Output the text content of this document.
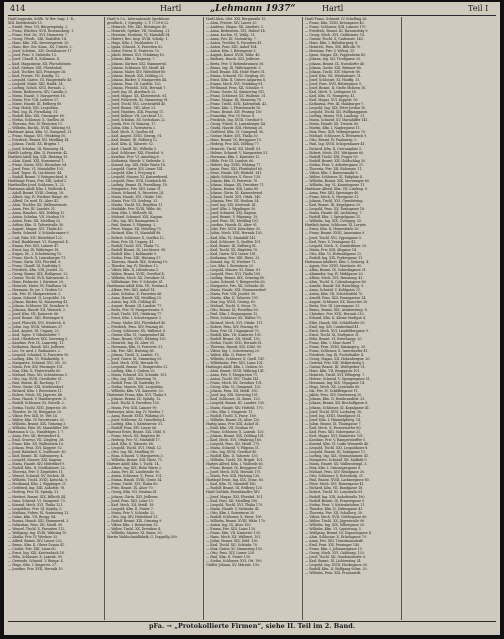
414	Hartl	„Lehmann 1937“	Hartl	Teil I
Hartl Augustin, Schlb. W. Ber. Insp. 1. R.,
XIII. Bielekstraße 15.
— Ewald, Pens. VII, Bürgerspitalg. 2.
— Franz, Wächter, XVII, Rosenackerg. 1.
— Franz, Prof. Dr., XVI, Hasnerstr. 7.
— Georg, Pferdt., XIII, Rudolfsh. 14.
— Hans, Kfm. XIX, Sieveringerstr. 30.
— Hans, Bez. Ger. Kanz., XX, Unterb. 2.
— Josef, Schuhm., XIV, Sechshauser 17.
— Josef, Pens. V, Siebenbr. 13.
— Josef, Chauff. II, Kollmann. 4.
— Karl, Magazineur, XII, Flurschützstr.
— Karl, Gärtner, XXI, Floridsdorf.
— Karl, Tischler, XIII, Penzinger 28.
— Karl, Private, VII, Kandlg. 12.
— Leopold, Gastw., III, Hauptstraße 45.
— Leopold, Maler, XIII, Hadik. 14.
— Ludwig, Schuh. XVII, Hernals. 2.
— Maria, Bedienerin, XIV, Camillo 3.
— Maria, Hausb. V, Margareten 16.
— Maria, Priv. VIII, Lederer 27.
— Marie, Hausfr. III, Erdberg 60.
— Max, Holzh. XXI, Leopoldau.
— Paul, Ing. IX, Porzellang. 31.
— Rudolf, Kfm. XIX, Grinzinger 60.
— Stefan, Schlosser, X, Quellen 38.
— Theresia, Priv. IV, Favoriten 11.
— Wilhelm, Buchh., XVIII, Währing 93.
Hartlauer Anna, Kfm. VI, Gumpend. 31.
— Franz, Magaz. XVI, Ottakring 50.
— Friedrich, Beamt. XII, Meidling 14.
— Johann, Tischl. XX, Brigitta 7.
— Josef, Schuhm. III, Rennweg 14.
Hartlb Ludwig, Kfm. II, Praterstr. 42.
Hartlieb Adolf, Ing. XIII, Hietzing 19.
— Alois, Kanzl. XXI, Stammersd. 1.
— Franz, Gastw. XVII, Hernalser 54.
— Josef, Pens. VI, Mariahilfer 103.
— Karl, Tapez. IX, Liechtenst. 44.
— Rudolf, Beamt. V, Reinprechtsd. 8.
Hartlmayr Franz, Priv. XIII, Auhof 2.
Hartlmüller Josef, Schlosser, X, 22.
Hartmann Adolf, Kfm. I, Wollzeile 4.
— Adolf, Beamt. XVIII, Gentzg. 28.
— Albert, Ing. IV, Wiedner Haupt. 60.
— Alfred, Dr. med. IX, Alser 41.
— Alois, Tischler, XX, Wallensteinstr.
— Anna, Priv. III, Landstr. 31.
— Anna, Hausbes. XIX, Döbling 12.
— Anton, Schuhm. VII, Neubau 19.
— Anton, Pens. XII, Meidling 33.
— Arthur, Kfm. II, Taborstraße 38.
— August, Magaz. XVI, Thalia 40.
— Berta, Schneid. V, Schönbrunner 9.
— Carl, Fabr. XIV, Hütteldorf 122.
— Emil, Bankbeamt. VI, Gumpend. 4.
— Emma, Priv. XIII, Lainzer 47.
— Ernst, Ing. IX, Währinger 18.
— Eugen, Dr., I, Schottenring 10.
— Franz, Mech. X, Laxenburger 71.
— Franz, Gärtn. XXI, Floridsd. 8.
— Franz, Chauff. III, Radetzky 5.
— Friedrich, Kfm. VIII, Josefst. 12.
— Georg, Beamt. XIX, Heiligenst. 22.
— Gustav, Tischl. XVII, Kalvarienb. 3.
— Hans, Prokurist, I, Kärntner 29.
— Heinrich, Maler, XV, Fünfhaus 14.
— Hermann, Dr. jur. I, Graben 13.
— Ida, Priv. IV, Margaretenstr. 3.
— Ignaz, Schneid. II, Leopoldst. 18.
— Johann, Bäcker, XI, Simmering 41.
— Johann, Schlosser, XX, Dresdner 9.
— Johanna, Hausfr. XII, Wienerb. 2.
— Josef, Kfm. VII, Kaiserstr. 66.
— Josef, Beamt. XIII, Hietzinger 8.
— Josef, Fleischh. XVI, Neulerch. 4.
— Julius, Ing. XVIII, Weinhaus 37.
— Karl, Angest. III, Ungarg. 23.
— Karl, Tapez. V, Nikolsdorfer 7.
— Karl, Oberlehrer, XIX, Sievering 5.
— Karoline, Priv. IX, Lazarettg. 11.
— Katharina, Hausb. XXI, Jedlesee.
— Leo, Dr. med. I, Rathausstr. 2.
— Leopold, Schmied, X, Favoriten 90.
— Ludwig, Kfm. VI, Windmühlg. 9.
— Margarete, Schneid. XVI, Ott. 33.
— Maria, Priv. XIV, Penzinger 101.
— Max, Kfm. II, Praterstraße 60.
— Michael, Pens. XII, Schönbrunn 5.
— Otto, Ing. XVIII, Gersthofer 51.
— Paul, Beamt. III, Rochusg. 17.
— Peter, Gastw. XXI, Strebersdorf.
— Richard, Kfm. I, Rotenturm 11.
— Robert, Mech. XX, Jägerstr. 46.
— Rosa, Hausb. V, Hamburgerstr. 8.
— Rudolf, Schlosser, XI, Geiselb. 2.
— Stefan, Tischl. XVII, Jörgerstr. 30.
— Theodor, Dr. IX, Berggasse 20.
— Viktor, Priv. XIII, St. Veit 14.
— Walter, Kfm. IV, Favoritenstr. 52.
— Wilhelm, Beamt. XIX, Grinzing 3.
— Wilhelm, Fabr. XV, Mariahilfer 180.
Hartmann & Co., Handelsges. I, 7.
— Anna, Priv. XII, Hetzendorf 4.
— Emil, Graveur, VII, Zieglerg. 38.
— Franz, Kfm. XX, Wallenstein 10.
— Johann, Pens. XVI, Koppstr. 52.
— Josef, Bahnbed. X, Quellenstr. 80.
— Karl, Beamt. III, Salesianerg. 4.
— Leopold, Maurer, XXI, Kagran.
— Maria, Hausfr. XIV, Hütteldorf 9.
— Rudolf, Kfm. II, Nordbahnstr. 22.
— Theresia, Priv. V, Ziegelofen 11.
— Wenzel, Schneid. XV, Sechsh. 41.
— Wilhelm, Tischl. XVIII, Kutschk. 9.
— Ferdinand, Kfm. I, Wipplinger 21.
— Gottfried, Ing. XIII, Auhofstr. 78.
— Hedwig, Priv. IX, Spitalg. 31.
— Herbert, Beamt. XIX, Billroth 44.
— Irma, Schneid. VI, Gumpend. 73.
— Konrad, Mech. XVI, Thalia 121.
— Leopoldine, Priv. III, Kegelg. 5.
— Mathias, Fuhrw. XI, Simmering 12.
— Oskar, Kfm. VII, Burgg. 84.
— Rosina, Hausb. XXI, Stammersd. 3.
— Sebastian, Pens. XII, Meidl. 90.
— Wenzel, Tischl. X, Favoriten 112.
— Wolfgang, Ing. XVIII, Währing 15.
— Zäzilia, Priv. IV, Wiedner 33.
— Alfred, Beamt. XIV, Linzer 220.
— Bruno, Kfm. II, Obere Donau 41.
— Cäcilie, Priv. XIII, Lainz 60.
— Ernst, Ing. XIX, Krottenbach 18.
— Felix, Schlosser, X, Laxenb. 99.
— Gertrude, Schneid. V, Reinpr. 4.
— Hugo, Kfm. I, Singerstr. 27.
— Josefine, Priv. XVII, Hernals 10.
Hartl & Co., Internationale Speditions-
gesellsch., I, Spiegelg. 2, T. U-29-6-22.
— Heinrich, Priv. XIII, Hietzinger 40.
— Heinrich, Optiker, VII, Neubaug. 21.
— Hermine, Modistin, VI, Mariahilf 34.
— Hubert, Bez. Insp. XVIII, Schulg. 1.
— Hugo, Kfm. I, Tuchlauben 11.
— Ignaz, Schneid. X, Favoriten 82.
— Isidor, Privat, II, Praterstr. 10.
— Jakob, Beamt. XVI, Ottakring 16.
— Johann, Kfm. I, Bognerg. 7.
— Johann, Gärtner, XXI, Stammersd.
— Johann, Schlosser, XII, Meidl. 44.
— Johann, Maler, XIV, Hütteldorf 60.
— Johann, Hausb. XIX, Döbling 23.
— Johann, Bäcker, V, Margareten 44.
— Johann, Pens. III, Landstr. 120.
— Johann, Fleischh. XVII, Hernals 7.
— Josef, Ing. IX, Alserbach 22.
— Josef, Magaz. XX, Klosterneub. 61.
— Josef, Fuhrwerk. XI, Simmering 91.
— Josef, Tischl. XVI, Lerchenfeld 40.
— Josef, Beamt. VIII, Alser 21.
— Josef, Hausbes. XIII, Penzing 11.
— Josef, Kellner, VII, Lerchenf. 13.
— Josef, Schuhm. XV, Sechshaus 22.
— Josefa, Priv. IV, Rainerg. 17.
— Julius, Kfm. I, Rotenturm 2.
— Karl, Mech. X, Quellen 64.
— Karl, Angest. XVIII, Gentzg. 91.
— Karl, Beamt. III, Erdberg 12.
— Karl, Kfm. II, Taborstr. 52.
— Karl, Chauff. XII, Wilhelm 5.
— Karl, Schlosser, XXI, Floridsd. 9.
— Karoline, Priv. VI, Amerling 8.
— Katharina, Hausfr. V, Siebenbr. 3.
— Konrad, Ing. XIX, Hohe Warte 18.
— Leopold, Gastw. XIV, Linzer 141.
— Leopold, Kfm. I, Freyung 6.
— Leopold, Maurer, XI, Kaiserebersd.
— Leopold, Pens. XVII, Dornbach 88.
— Ludwig, Beamt. IX, Porzellang. 18.
— Margarete, Priv. XIII, Lainz 31.
— Maria, Schneid. X, Favoriten 24.
— Maria, Hausb. XVI, Ottakr. 180.
— Maria, Priv. VII, Seideng. 33.
— Martin, Tischl. XX, Brigitten 11.
— Mathilde, Priv. XVIII, Währ. 66.
— Max, Kfm. I, Wollzeile 34.
— Michael, Schmied, XXI, Kagran.
— Otto, Ing. XIV, Baumgarten 8.
— Paul, Beamt. V, Pilgramg. 2.
— Peter, Magaz. XII, Meidling 70.
— Richard, Kfm. VI, Mariahilf 88.
— Robert, Schlosser, X, Quellen 12.
— Rosa, Priv. III, Ungarg. 41.
— Rudolf, Tischl. XVI, Thalia 73.
— Rudolf, Beamt. IX, Liechtenst. 98.
— Rudolf, Kfm. I, Kohlmarkt 9.
— Stefan, Pens. XIII, Hietzing 57.
— Theresia, Hausb. XIX, Grinzing 19.
— Theodor, Ing. IV, Wiedner 12.
— Viktor, Kfm. II, Lilienbrunn 5.
— Walter, Beamt. XVIII, Gersthof 4.
— Wilhelm, Mech. XX, Dresdner 31.
— Wilhelmine, Priv. V, Schönbr. 61.
Hartlmann Adolf, Kfm. VII, Neubau 4.
— Albine, Priv. XIII, Auhof 14.
— Alois, Schuhm. X, Favoriten 66.
— Anna, Hausfr. XII, Meidling 29.
— Anton, Ing. XIX, Döbling 40.
— August, Beamt. III, Landstr. 77.
— Berta, Priv. IV, Margaretenstr. 9.
— Emil, Tischl. XVI, Ottakring 77.
— Ernst, Kfm. I, Schottengasse 3.
— Franz, Maler, XXI, Floridsdorf 40.
— Friedrich, Pens. XIV, Penzing 60.
— Georg, Schlosser, XX, Wallenst. 8.
— Gustav, Kfm. VI, Gumpendorf 44.
— Hans, Beamt. XVIII, Währing 120.
— Heinrich, Ing. IX, Alser 55.
— Hermann, Kfm. II, Praterstr. 31.
— Ida, Priv. XIII, Hietzing 88.
— Johann, Tischl. X, Laxenb. 15.
— Josef, Gastw. XI, Simmering 55.
— Karl, Mech. XVII, Hernals 90.
— Leopold, Beamt. V, Reinprechts 31.
— Ludwig, Kfm. I, Graben 20.
— Maria, Schneid. XII, Schönbr. 101.
— Otto, Ing. XIX, Sievering 70.
— Rudolf, Pens. III, Radetzky 19.
— Stefan, Maurer, XXI, Leopoldau.
— Wilhelm, Kfm. VII, Kaiserstr. 33.
Hartmeier Franz, Kfm. XVI, Thalia 9.
— Johann, Beamt. IX, Spitalg. 12.
— Karl, Tischl. X, Favoriten 150.
— Maria, Priv. XIII, Lainzer 99.
Hartmeyer Alois, Ing. IV, Wieden 7.
— Anna, Hausfr. XVIII, Währing 29.
— Josef, Schlosser, XI, Geiselberg 4.
— Ludwig, Kfm. I, Kärntnerstr. 51.
— Rudolf, Pens. XIV, Linzer 66.
Hartmut Ernst, Beamt. XIX, Döbl. 8.
— Franz, Mech. XX, Brigitten 40.
— Hedwig, Priv. VI, Mariahilf 17.
— Karl, Kfm. II, Taborstr. 88.
— Leopold, Tischl. XVI, Ottak. 12.
— Otto, Ing. XII, Meidling 55.
— Rosa, Schneid. V, Margareten 3.
— Wilhelm, Beamt. XIII, Hietz. 71.
Hartner Adolf, Kfm. I, Tuchl. 14.
— Albert, Ing. XIX, Hohe Warte 2.
— Anna, Priv. III, Landstraße 90.
— Anton, Schlosser, X, Favor. 101.
— Emma, Hausb. XVIII, Gentz 14.
— Franz, Tischl. XVI, Thalia 60.
— Fritz, Beamt. IX, Alser 70.
— Georg, Kfm. VII, Neubau 61.
— Johann, Gärtn. XXI, Jedlesee.
— Josef, Pens. XIII, Lainz 13.
— Karl, Mech. XII, Meidl. 18.
— Leopold, Kfm. II, Prater 7.
— Maria, Priv. V, Schönbr. 22.
— Otto, Ing. XIV, Hütteldorf 31.
— Rudolf, Beamt. XIX, Grinzing 9.
— Viktor, Kfm. I, Rotenturm 15.
— Walter, Tischl. XX, Dresdner 4.
— Wilhelm, Maurer, XI, Simm. 30.
Martin Waldschmidfabrik, G. Doppellg 280.
Hartl Alois, Ofst. XXI, Bergstraße 15.
— Alois, Private, XIV, Linzer 20.
— Andreas, Magaz. XII, Arndtstr. 5.
— Anna, Bedienerin, XVI, Haberl 14.
— Anna, Kochin, VI, Wallg. 21.
— Anna, Priv. III, Sechskrüg. 7.
— Anton, Tischler, X, Favoriten 41.
— Anton, Pens. XIII, Auhof 104.
— Anton, Kfm. I, Börsegasse 3.
— August, Kanzl. XVIII, Währ. 45.
— Barbara, Hausb. XXI, Jedlesee.
— Berta, Priv. V, Siebenbrunnen 16.
— Bruno, Ing. IX, Währingerstr. 3.
— Emil, Beamt. XIX, Hohe Warte 31.
— Emma, Schneid. VII, Zieglerg. 60.
— Ernst, Kfm. II, Untere Augarten 8.
— Eugen, Mech. XVI, Ottakring 61.
— Ferdinand, Pens. XII, Schönbr. 9.
— Franz, Gastw. XI, Simmering 101.
— Franz, Schlosser, XX, Wallenst. 51.
— Franz, Magaz. III, Rennweg 78.
— Franz, Tischl. XVII, Kalvarienb. 42.
— Franz, Kfm. I, Fleischmarkt 16.
— Franz, Beamt. XIV, Penzing 130.
— Franziska, Priv. IV, Favor. 8.
— Friedrich, Ing. XVIII, Gersthof 9.
— Georg, Fuhrw. X, Laxenburger 44.
— Gisela, Hausfr. XIII, Hietzing 20.
— Gottfried, Kfm. VI, Gumpend. 90.
— Gustav, Maler, XVI, Thalia 30.
— Hans, Beamt. IX, Berggasse 15.
— Hedwig, Priv. XIX, Döbling 77.
— Heinrich, Tischl. XII, Meidl. 81.
— Helene, Schneid. V, Margareten 51.
— Hermann, Kfm. I, Kärntner 12.
— Hilde, Priv. III, Landstr. 66.
— Hubert, Ing. XVIII, Währing 77.
— Ignaz, Pens. XXI, Floridsdorf 60.
— Irene, Hausb. XIV, Hütteld. 141.
— Jakob, Schlosser, X, Favor. 130.
— Johann, Kfm. II, Praterstr. 70.
— Johann, Magaz. XX, Dresdner 71.
— Johann, Beamt. XIII, Lainz 80.
— Johann, Gärtn. XI, Kaiserebersd.
— Johann, Tischl. XVI, Ottak. 140.
— Johanna, Priv. VII, Neubau 34.
— Josef, Ing. XIX, Krottenb. 41.
— Josef, Kfm. I, Wipplinger 30.
— Josef, Schmied, XXI, Kagran.
— Josef, Beamt. V, Pilgramg. 19.
— Josef, Pens. XII, Meidling 101.
— Josefine, Hausfr. IX, Alser 91.
— Julie, Priv. XVIII, Kutschker 30.
— Julius, Mech. XVII, Hernals 130.
— Karl, Kfm. VI, Mariahilf 141.
— Karl, Schlosser, X, Quellen 101.
— Karl, Beamt. III, Erdberg 81.
— Karl, Tischl. XX, Brigitten 70.
— Karl, Gastw. XIV, Linzer 181.
— Katharina, Priv. XIII, Hietz. 33.
— Konrad, Ing. IV, Wiedner 71.
— Leo, Kfm. I, Rotenturm 20.
— Leopold, Maurer, XI, Simm. 61.
— Leopold, Pens. XVI, Thalia 100.
— Ludwig, Beamt. XIX, Grinzing 40.
— Luise, Schneid. V, Reinprechts 60.
— Margarete, Priv. XII, Schönbr. 40.
— Maria, Hausb. XXI, Stammersdorf.
— Maria, Priv. VIII, Josefst. 50.
— Martin, Kfm. II, Taborstr. 101.
— Max, Ing. XVIII, Gentzg. 60.
— Michael, Tischl. X, Favor. 70.
— Otto, Beamt. IX, Porzellan 50.
— Paul, Kfm. I, Bognergasse 12.
— Peter, Schlosser, XX, Wallen 70.
— Richard, Mech. XVI, Ottakr. 111.
— Robert, Pens. XIV, Penzing 99.
— Rosa, Priv. III, Ungargasse 70.
— Rudolf, Kfm. VII, Kaiserstr. 101.
— Rudolf, Beamt. XII, Meidl. 130.
— Stefan, Tischl. XVII, Hernals 61.
— Theresia, Hausfr. XIX, Döbl. 90.
— Viktor, Ing. I, Schottenring 20.
— Walter, Kfm. II, Prater 99.
— Wilhelm, Schlosser, X, Quell. 141.
— Wilhelmine, Priv. XIII, Lainz 101.
Hartinger Adolf, Kfm. I, Graben 30.
— Alois, Beamt. XVIII, Währing 141.
— Anna, Priv. V, Margareten 71.
— Anton, Tischl. XVI, Thalia 141.
— Franz, Mech. XX, Dresdner 101.
— Georg, Kfm. VI, Gumpend. 120.
— Johann, Pens. XII, Meidl. 150.
— Josef, Ing. XIX, Sievering 101.
— Karl, Schlosser, XI, Simm. 120.
— Leopold, Beamt. III, Landstr. 130.
— Maria, Hausfr. XIV, Hütteld. 170.
— Otto, Kfm. I, Singerstr. 11.
— Rudolf, Tischl. X, Favor. 160.
— Wilhelm, Beamt. IX, Alser 120.
Hartig Anna, Priv. XIII, Auhof 31.
— Emil, Kfm. VII, Neubau 90.
— Franz, Schlosser, X, Laxenb. 120.
— Johann, Beamt. XIX, Döbling 101.
— Karl, Mech. XVI, Ottakring 160.
— Leopold, Pens. XII, Meidl. 170.
— Maria, Schneid. V, Pilgram 31.
— Otto, Ing. XVIII, Gersthof 40.
— Rudolf, Kfm. II, Taborstr. 130.
— Wilhelm, Tischl. XX, Brigitt. 101.
Hartjes Alfred, Kfm. I, Wollzeile 60.
— Franz, Beamt. IX, Berggasse 41.
— Josef, Mech. XVII, Hernals 170.
— Maria, Priv. XIII, Hietzing 130.
Hartkopf Ernst, Ing. XIX, Grinz. 60.
— Karl, Kfm. VI, Mariahilf 180.
— Rudolf, Beamt. III, Erdberg 120.
Hartl Gottlieb, Eisenhändler, XIV.
— Josef, Magaz. XXI, Floridsd. 101.
— Karl, Pens. XII, Meidling 190.
— Leopold, Tischl. XVI, Thalia 170.
— Maria, Hausfr. V, Siebenbr. 41.
— Otto, Kfm. I, Rotenturm 30.
— Rudolf, Schlosser, X, Favor. 190.
— Wilhelm, Beamt. XVIII, Währ. 170.
— Anton, Ing. IX, Alser 150.
— Emma, Priv. XIII, Lainz 130.
— Franz, Kfm. VII, Kaiserstr. 130.
— Hans, Mech. XX, Wallenst. 101.
— Julius, Beamt. XIX, Döbl. 130.
— Karl, Tischl. XII, Schönbr. 70.
— Max, Gastw. XI, Simmering 150.
— Otto, Pens. XIV, Linzer 230.
— Paul, Kfm. II, Prater 130.
— Stefan, Schlosser, XVI, Ott. 190.
Güttler Johann, XV, Märzstr. 100.
Hartl Franz, Schneid. IV, Schelling 26.
— Franz, Kfm. XVIII, Kreuzgasse 40.
— Franz, Schlosser, XIII, Lainzer 170.
— Friedrich, Beamt. III, Rasumofsky 9.
— Georg, Mech. XVI, Gallitzinstr. 14.
— Gustav, Tischl. X, Gudrunstr. 140.
— Hans, Kfm. I, Habsburgerg. 8.
— Heinrich, Pens. XIX, Billroth 70.
— Hermine, Priv. V, Wehrg. 19.
— Ignaz, Magaz. XX, Pappenheim 40.
— Johann, Ing. XII, Tivoligasse 20.
— Johann, Beamt. IX, Nussdorfer 40.
— Johann, Gastw. XXI, Brünner 60.
— Johann, Tischl. XIV, Märzstr. 80.
— Josef, Kfm. VII, Westbahnstr. 31.
— Josef, Schlosser, XI, Hauffg. 15.
— Josef, Pens. XVII, Rötzergasse 9.
— Josef, Beamt. II, Große Mohren 18.
— Karl, Mech. X, Leebgasse 50.
— Karl, Kfm. VI, Stumperg. 41.
— Karl, Magaz. XVI, Koppstr. 90.
— Katharina, Priv. III, Hainburger 7.
— Leopold, Ing. XIX, Peter Jordan 30.
— Leopold, Tischl. XII, Wolfganggasse.
— Ludwig, Beamt. VIII, Laudong. 31.
— Maria, Schneid. XV, Mariahilfer 141.
— Maria, Hausfr. XX, Treustr. 60.
— Martin, Kfm. I, Naglergasse 11.
— Max, Pens. XIII, Veitingergasse 70.
— Michael, Schlosser, X, Ettenreich 9.
— Otto, Beamt. IV, Paulanerg. 5.
— Paul, Ing. XVIII, Schopenhauer 41.
— Richard, Kfm. II, Czerninplatz 3.
— Robert, Mech. XVI, Wattgasse 60.
— Rudolf, Tischl. XXI, Prager 90.
— Rudolf, Beamt. XIV, Goldschlag 30.
— Stefan, Pens. V, Arbeitergasse 21.
— Theresia, Priv. XII, Eichenstr. 11.
— Viktor, Kfm. I, Bauernmarkt 9.
— Walter, Schlosser, XI, Enkplatz 4.
— Wilhelm, Beamt. XIX, Sieveringer 60.
— Wilhelm, Ing. VI, Kaunitzgasse 11.
Hartlauer Alfred, Kfm. VII, Lindeng. 9.
— Anna, Priv. XIII, Speisinger 40.
— Franz, Mech. X, Herzgasse 31.
— Johann, Tischl. XVI, Grundsteing.
— Karl, Beamt. III, Kegelgasse 20.
— Leopold, Pens. XX, Denisgasse 18.
— Maria, Hausfr. XII, Aichhorng. 7.
— Rudolf, Kfm. I, Spiegelgasse 21.
— Wilhelm, Ing. XIX, Cottageg. 33.
Hartlieb Anton, Schlosser, XI, Lorystr.
— Ernst, Kfm. II, Heinestraße 30.
— Franz, Beamt. XVIII, Anastasius 9.
— Josef, Tischl. XVI, Yppengasse 5.
— Karl, Pens. V, Zentagasse 41.
— Leopold, Mech. X, Sonnleithner 20.
— Maria, Priv. XIII, Altgasse 14.
— Otto, Kfm. VI, Hofmühlgasse 21.
— Rudolf, Ing. XIX, Pyrkergasse 11.
Hartmann Adalbert, Kfm. I, Seitzerg. 4.
— Agnes, Priv. XVIII, Martinstr. 60.
— Albin, Beamt. IX, Sobieskigasse 31.
— Alexander, Ing. IV, Mühlgasse 20.
— Alfons, Mech. XVI, Brunneng. 41.
— Alois, Tischl. X, Columbusgasse 60.
— Amalie, Hausfr. XII, Ratschkyg. 9.
— Anna, Schneid. V, Kohlgasse 21.
— Anton, Kfm. VII, Schottenfeld 70.
— Arnold, Pens. XIII, Fasangarten 14.
— August, Schlosser, XX, Rauscher 20.
— Berta, Priv. III, Löwengasse 31.
— Bruno, Beamt. XIX, Armbrusterg. 8.
— Christine, Priv. XVII, Hernals 210.
— Eduard, Kfm. II, Kleine Stadtgut 4.
— Elise, Hausb. XXI, Schloßhofer 30.
— Emil, Ing. XIV, Cumberland 41.
— Erich, Mech. XVI, Lienfeldergasse 9.
— Ernst, Tischl. XI, Dorfgasse 31.
— Felix, Beamt. VI, Esterhazyg. 20.
— Franz, Kfm. I, Marc-Aurel 7.
— Franz, Pens. XVIII, Haizingerg. 30.
— Franz, Schlosser, X, Inzersdorfer 41.
— Friedrich, Ing. IX, Fuchsthaller 4.
— Georg, Magaz. XII, Hohenbergstr. 20.
— Gertrud, Priv. XIII, Wolkersberg 5.
— Gustav, Beamt. III, Weißgerber 31.
— Hans, Kfm. VII, Burggasse 101.
— Heinrich, Tischl. XVI, Effingerg. 7.
— Helene, Schneid. V, Spengergasse 51.
— Hermann, Ing. XIX, Vegagasse 14.
— Hugo, Mech. XX, Leystraße 60.
— Ida, Priv. IV, Schäffergasse 11.
— Jakob, Pens. XIV, Diesterweg 20.
— Johann, Kfm. II, Rembrandtstr. 33.
— Johann, Beamt. XII, Bischoffgasse 8.
— Johann, Schlosser, XI, Kopalgasse 41.
— Josef, Tischl. XVII, Lacknerg. 30.
— Josef, Ing. XVIII, Staudgasse 51.
— Josef, Kfm. I, Himmelpfortg. 14.
— Julius, Beamt. IX, Thurngasse 7.
— Karl, Mech. X, Pernerstorfer 80.
— Karl, Pens. XIII, Gobergasse 21.
— Karl, Magaz. XVI, Hasnerstr. 101.
— Karoline, Priv. V, Ramperstorffer 5.
— Konrad, Kfm. VI, Linke Wienzeile 40.
— Leopold, Tischl. XXI, Leopoldauer 8.
— Leopold, Beamt. III, Salmgasse 11.
— Ludwig, Ing. XIX, Gymnasiumstr. 41.
— Margarete, Schneid. XII, Malfatti 9.
— Maria, Hausfr. XX, Wallensteinpl. 3.
— Max, Kfm. I, Grünangergasse 8.
— Michael, Pens. XIV, Reinlgasse 30.
— Otto, Schlosser, X, Rotenhofg. 21.
— Paul, Beamt. XVIII, Lacknergasse 80.
— Peter, Mech. XVI, Römergasse 41.
— Richard, Kfm. VII, Bandgasse 18.
— Robert, Tischl. XI, Lorystraße 61.
— Rudolf, Ing. XIII, Auhofstraße 190.
— Rudolf, Beamt. IX, Pramergasse 9.
— Stefan, Pens. V, Kettenbrücken 11.
— Theodor, Kfm. II, Zirkusgasse 41.
— Theresia, Priv. XII, Schallerg. 30.
— Viktor, Mech. XVII, Geblergasse 60.
— Walter, Tischl. XX, Jägerstraße 90.
— Wilhelm, Ing. XIX, Silbergasse 20.
— Wilhelm, Kfm. VI, Capistrang. 5.
— Wolfgang, Beamt. III, Dapontegasse 4.
— Alois, Schlosser, X, Erlachgasse 70.
— Anna, Priv. XIII, Trauttmansdorff.
— Emil, Pens. XIV, Penzinger 140.
— Franz, Kfm. I, Johannesgasse 15.
— Georg, Mech. XVI, Gablenzg. 120.
— Josef, Tischl. XII, Gaudenzdorfer 8.
— Karl, Beamt. IX, Lichtensteg 14.
— Leopold, Ing. XVIII, Hockegasse 30.
— Rudolf, Kfm. II, Wolfgang-Schm. 20.
— Wilhelm, Pens. XXI, Frauenstift.
pFa. → „Protokollierte Firmen“, siehe II. Teil im 2. Band.
